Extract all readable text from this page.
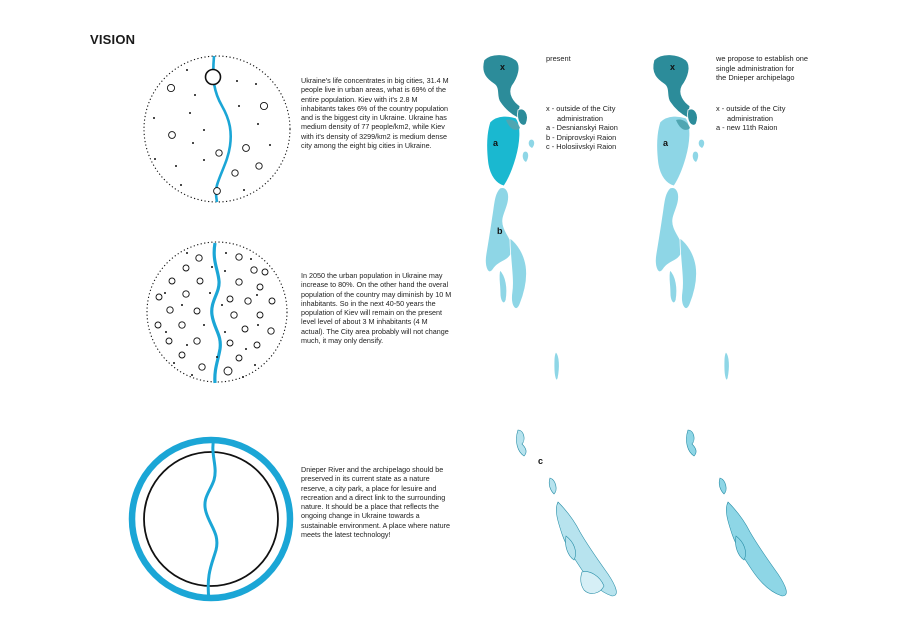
VISION
Ukraine's life concentrates in big cities, 31.4 M people live in urban areas, what is 69% of the entire population. Kiev with it's 2.8 M inhabitants takes 6% of the country population and is the biggest city in Ukraine. Ukraine has medium density of 77 people/km2, while Kiev with it's density of 3299/km2 is medium dense city among the eight big cities in Ukraine.
In 2050 the urban population in Ukraine may increase to 80%. On the other hand the overal population of the country may diminish by 10 M inhabitants. So in the next 40-50 years the population of Kiev will remain on the present level level of about 3 M inhabitants (4 M actual). The City area probably will not change much, it may only densify.
Dnieper River and the archipelago should be preserved in its current state as a nature reserve, a city park, a place for lesuire and recreation and a direct link to the surrounding nature. It should be a place that reflects the ongoing change in Ukraine towards a sustainable environment. A place where nature meets the latest technology!
x
a
b
c
present
x - outside of the City
administration
a - Desnianskyi Raion
b - Dniprovskyi Raion
c - Holosiivskyi Raion
x
a
we propose to establish one
single administration for
the Dnieper archipelago
x - outside of the City
administration
a - new 11th Raion
